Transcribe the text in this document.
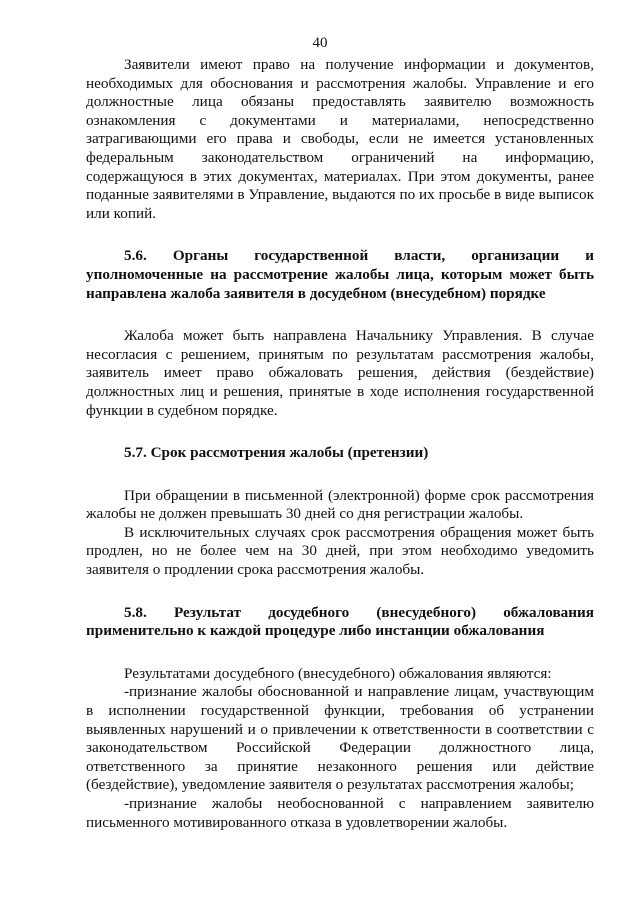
40

Заявители имеют право на получение информации и документов, необходимых для обоснования и рассмотрения жалобы. Управление и его должностные лица обязаны предоставлять заявителю возможность ознакомления с документами и материалами, непосредственно затрагивающими его права и свободы, если не имеется установленных федеральным законодательством ограничений на информацию, содержащуюся в этих документах, материалах. При этом документы, ранее поданные заявителями в Управление, выдаются по их просьбе в виде выписок или копий.

5.6. Органы государственной власти, организации и уполномоченные на рассмотрение жалобы лица, которым может быть направлена жалоба заявителя в досудебном (внесудебном) порядке

Жалоба может быть направлена Начальнику Управления. В случае несогласия с решением, принятым по результатам рассмотрения жалобы, заявитель имеет право обжаловать решения, действия (бездействие) должностных лиц и решения, принятые в ходе исполнения государственной функции в судебном порядке.

5.7. Срок рассмотрения жалобы (претензии)

При обращении в письменной (электронной) форме срок рассмотрения жалобы не должен превышать 30 дней со дня регистрации жалобы.

В исключительных случаях срок рассмотрения обращения может быть продлен, но не более чем на 30 дней, при этом необходимо уведомить заявителя о продлении срока рассмотрения жалобы.

5.8. Результат досудебного (внесудебного) обжалования применительно к каждой процедуре либо инстанции обжалования

Результатами досудебного (внесудебного) обжалования являются:

-признание жалобы обоснованной и направление лицам, участвующим в исполнении государственной функции, требования об устранении выявленных нарушений и о привлечении к ответственности в соответствии с законодательством Российской Федерации должностного лица, ответственного за принятие незаконного решения или действие (бездействие), уведомление заявителя о результатах рассмотрения жалобы;

-признание жалобы необоснованной с направлением заявителю письменного мотивированного отказа в удовлетворении жалобы.
